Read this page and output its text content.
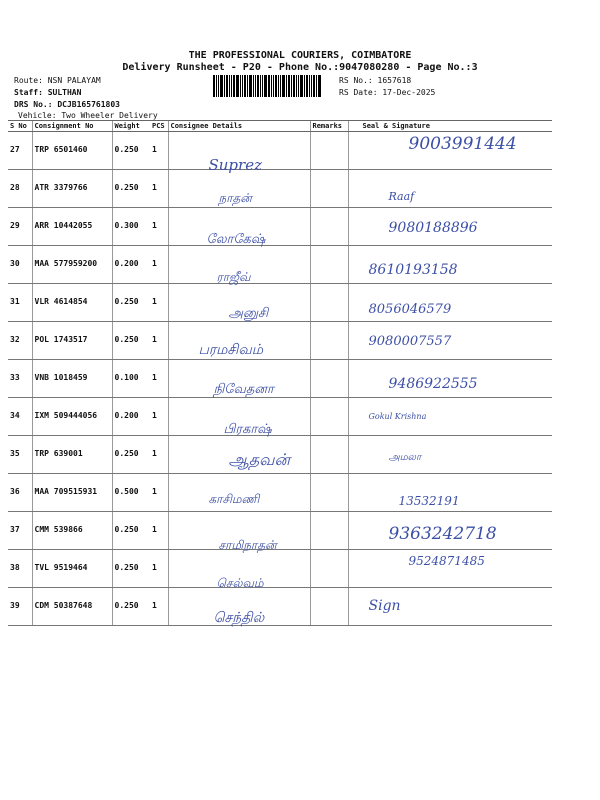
THE PROFESSIONAL COURIERS, COIMBATORE
Delivery Runsheet - P20 - Phone No.:9047080280 - Page No.:3
Route: NSN PALAYAM
Staff: SULTHAN
DRS No.: DCJB165761803
Vehicle: Two Wheeler Delivery
RS No.: 1657618
RS Date: 17-Dec-2025
S No	Consignment No	Weight	PCS	Consignee Details	Remarks	Seal & Signature
27	TRP 6501460	0.250	1	Suprez		9003991444

28	ATR 3379766	0.250	1	நாதன்		Raaf

29	ARR 10442055	0.300	1	லோகேஷ்		9080188896

30	MAA 577959200	0.200	1	ராஜீவ்		8610193158

31	VLR 4614854	0.250	1	அனுசி		8056046579

32	POL 1743517	0.250	1	பரமசிவம்		9080007557

33	VNB 1018459	0.100	1	நிவேதனா		9486922555

34	IXM 509444056	0.200	1	பிரகாஷ்		Gokul Krishna

35	TRP 639001	0.250	1	ஆதவன்		அமலா

36	MAA 709515931	0.500	1	காசிமணி		13532191

37	CMM 539866	0.250	1	சாமிநாதன்		9363242718

38	TVL 9519464	0.250	1	செல்வம்		9524871485

39	CDM 50387648	0.250	1	செந்தில்		Sign
